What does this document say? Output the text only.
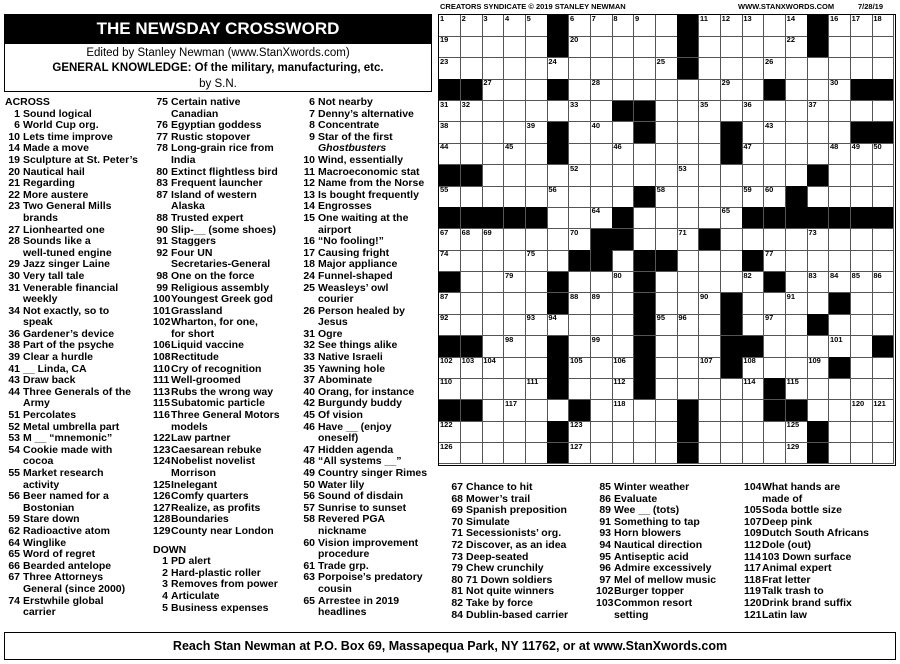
CREATORS SYNDICATE © 2019 STANLEY NEWMAN	WWW.STANXWORDS.COM	7/28/19
THE NEWSDAY CROSSWORD
Edited by Stanley Newman (www.StanXwords.com)
GENERAL KNOWLEDGE: Of the military, manufacturing, etc.
by S.N.
1 2 3 4 5	6 7 8 9	11 12 13	14	16 17 18
19	20	22
23	24	25	26
27	28	29	30
31 32	33	35	36	37
38	39	40	43
44	45	46	47	48 49 50
52	53
55	56	58	59 60
64	65
67 68 69	70	71	73
74	75	77
79	80	82	83 84 85 86
87	88 89	90	91
92	93 94	95 96	97
98	99	101
102 103 104	105	106	107	108	109
110	111	112	114	115
117	118	120 121
122	123	125
126	127	129
ACROSS
1 Sound logical
6 World Cup org.
10 Lets time improve
14 Made a move
19 Sculpture at St. Peter’s
20 Nautical hail
21 Regarding
22 More austere
23 Two General Mills
brands
27 Lionhearted one
28 Sounds like a
well-tuned engine
29 Jazz singer Laine
30 Very tall tale
31 Venerable financial
weekly
34 Not exactly, so to
speak
36 Gardener’s device
38 Part of the psyche
39 Clear a hurdle
41 __ Linda, CA
43 Draw back
44 Three Generals of the
Army
51 Percolates
52 Metal umbrella part
53 M __ “mnemonic”
54 Cookie made with
cocoa
55 Market research
activity
56 Beer named for a
Bostonian
59 Stare down
62 Radioactive atom
64 Winglike
65 Word of regret
66 Bearded antelope
67 Three Attorneys
General (since 2000)
74 Erstwhile global
carrier
75 Certain native
Canadian
76 Egyptian goddess
77 Rustic stopover
78 Long-grain rice from
India
80 Extinct flightless bird
83 Frequent launcher
87 Island of western
Alaska
88 Trusted expert
90 Slip-__ (some shoes)
91 Staggers
92 Four UN
Secretaries-General
98 One on the force
99 Religious assembly
100 Youngest Greek god
101 Grassland
102 Wharton, for one,
for short
106 Liquid vaccine
108 Rectitude
110 Cry of recognition
111 Well-groomed
113 Rubs the wrong way
115 Subatomic particle
116 Three General Motors
models
122 Law partner
123 Caesarean rebuke
124 Nobelist novelist
Morrison
125 Inelegant
126 Comfy quarters
127 Realize, as profits
128 Boundaries
129 County near London
DOWN
1 PD alert
2 Hard-plastic roller
3 Removes from power
4 Articulate
5 Business expenses
6 Not nearby
7 Denny’s alternative
8 Concentrate
9 Star of the first
Ghostbusters
10 Wind, essentially
11 Macroeconomic stat
12 Name from the Norse
13 Is bought frequently
14 Engrosses
15 One waiting at the
airport
16 “No fooling!”
17 Causing fright
18 Major appliance
24 Funnel-shaped
25 Weasleys’ owl
courier
26 Person healed by
Jesus
31 Ogre
32 See things alike
33 Native Israeli
35 Yawning hole
37 Abominate
40 Orang, for instance
42 Burgundy buddy
45 Of vision
46 Have __ (enjoy
oneself)
47 Hidden agenda
48 “All systems __”
49 Country singer Rimes
50 Water lily
56 Sound of disdain
57 Sunrise to sunset
58 Revered PGA
nickname
60 Vision improvement
procedure
61 Trade grp.
63 Porpoise’s predatory
cousin
65 Arrestee in 2019
headlines
67 Chance to hit
68 Mower’s trail
69 Spanish preposition
70 Simulate
71 Secessionists’ org.
72 Discover, as an idea
73 Deep-seated
79 Chew crunchily
80 71 Down soldiers
81 Not quite winners
82 Take by force
84 Dublin-based carrier
85 Winter weather
86 Evaluate
89 Wee __ (tots)
91 Something to tap
93 Horn blowers
94 Nautical direction
95 Antiseptic acid
96 Admire excessively
97 Mel of mellow music
102 Burger topper
103 Common resort
setting
104 What hands are
made of
105 Soda bottle size
107 Deep pink
109 Dutch South Africans
112 Dole (out)
114 103 Down surface
117 Animal expert
118 Frat letter
119 Talk trash to
120 Drink brand suffix
121 Latin law
Reach Stan Newman at P.O. Box 69, Massapequa Park, NY 11762, or at www.StanXwords.com
